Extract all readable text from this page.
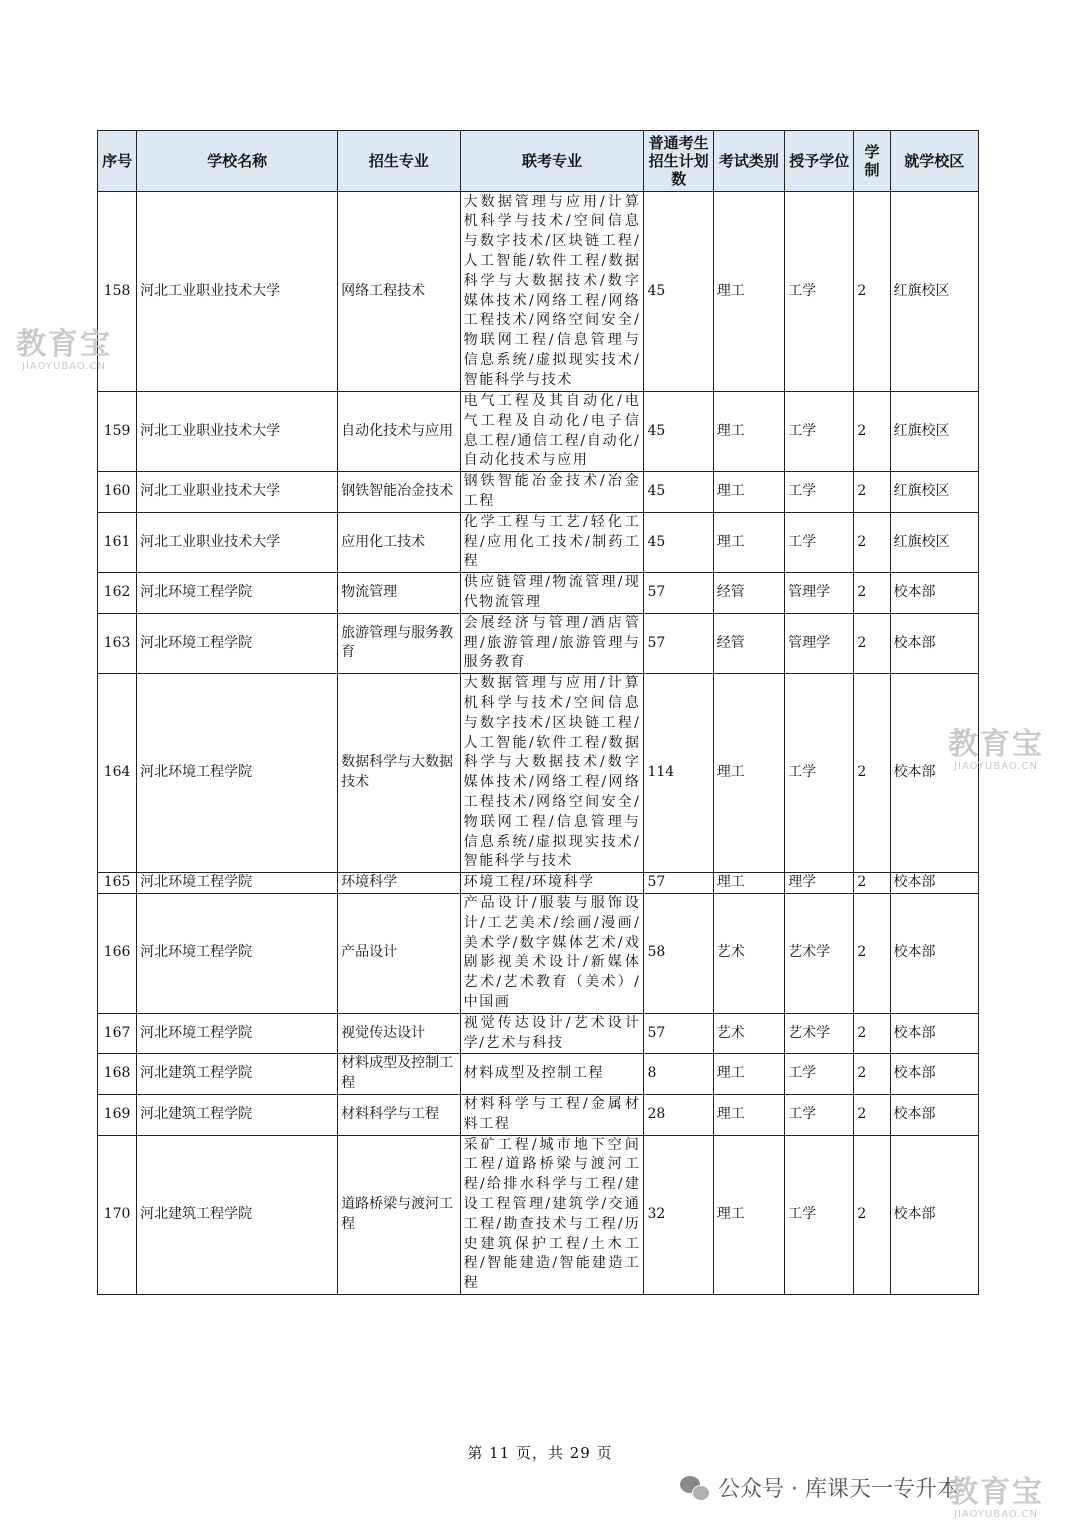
序号	学校名称	招生专业	联考专业	普通考生招生计划数	考试类别	授予学位	学制	就学校区
158	河北工业职业技术大学	网络工程技术	大数据管理与应用/计算机科学与技术/空间信息与数字技术/区块链工程/人工智能/软件工程/数据科学与大数据技术/数字媒体技术/网络工程/网络工程技术/网络空间安全/物联网工程/信息管理与信息系统/虚拟现实技术/智能科学与技术	45	理工	工学	2	红旗校区
159	河北工业职业技术大学	自动化技术与应用	电气工程及其自动化/电气工程及自动化/电子信息工程/通信工程/自动化/自动化技术与应用	45	理工	工学	2	红旗校区
160	河北工业职业技术大学	钢铁智能冶金技术	钢铁智能冶金技术/冶金工程	45	理工	工学	2	红旗校区
161	河北工业职业技术大学	应用化工技术	化学工程与工艺/轻化工程/应用化工技术/制药工程	45	理工	工学	2	红旗校区
162	河北环境工程学院	物流管理	供应链管理/物流管理/现代物流管理	57	经管	管理学	2	校本部
163	河北环境工程学院	旅游管理与服务教育	会展经济与管理/酒店管理/旅游管理/旅游管理与服务教育	57	经管	管理学	2	校本部
164	河北环境工程学院	数据科学与大数据技术	大数据管理与应用/计算机科学与技术/空间信息与数字技术/区块链工程/人工智能/软件工程/数据科学与大数据技术/数字媒体技术/网络工程/网络工程技术/网络空间安全/物联网工程/信息管理与信息系统/虚拟现实技术/智能科学与技术	114	理工	工学	2	校本部
165	河北环境工程学院	环境科学	环境工程/环境科学	57	理工	理学	2	校本部
166	河北环境工程学院	产品设计	产品设计/服装与服饰设计/工艺美术/绘画/漫画/美术学/数字媒体艺术/戏剧影视美术设计/新媒体艺术/艺术教育（美术）/中国画	58	艺术	艺术学	2	校本部
167	河北环境工程学院	视觉传达设计	视觉传达设计/艺术设计学/艺术与科技	57	艺术	艺术学	2	校本部
168	河北建筑工程学院	材料成型及控制工程	材料成型及控制工程	8	理工	工学	2	校本部
169	河北建筑工程学院	材料科学与工程	材料科学与工程/金属材料工程	28	理工	工学	2	校本部
170	河北建筑工程学院	道路桥梁与渡河工程	采矿工程/城市地下空间工程/道路桥梁与渡河工程/给排水科学与工程/建设工程管理/建筑学/交通工程/勘查技术与工程/历史建筑保护工程/土木工程/智能建造/智能建造工程	32	理工	工学	2	校本部
第 11 页，共 29 页
公众号 · 库课天一专升本
教育宝
JIAOYUBAO.CN
教育宝
JIAOYUBAO.CN
教育宝
JIAOYUBAO.CN
